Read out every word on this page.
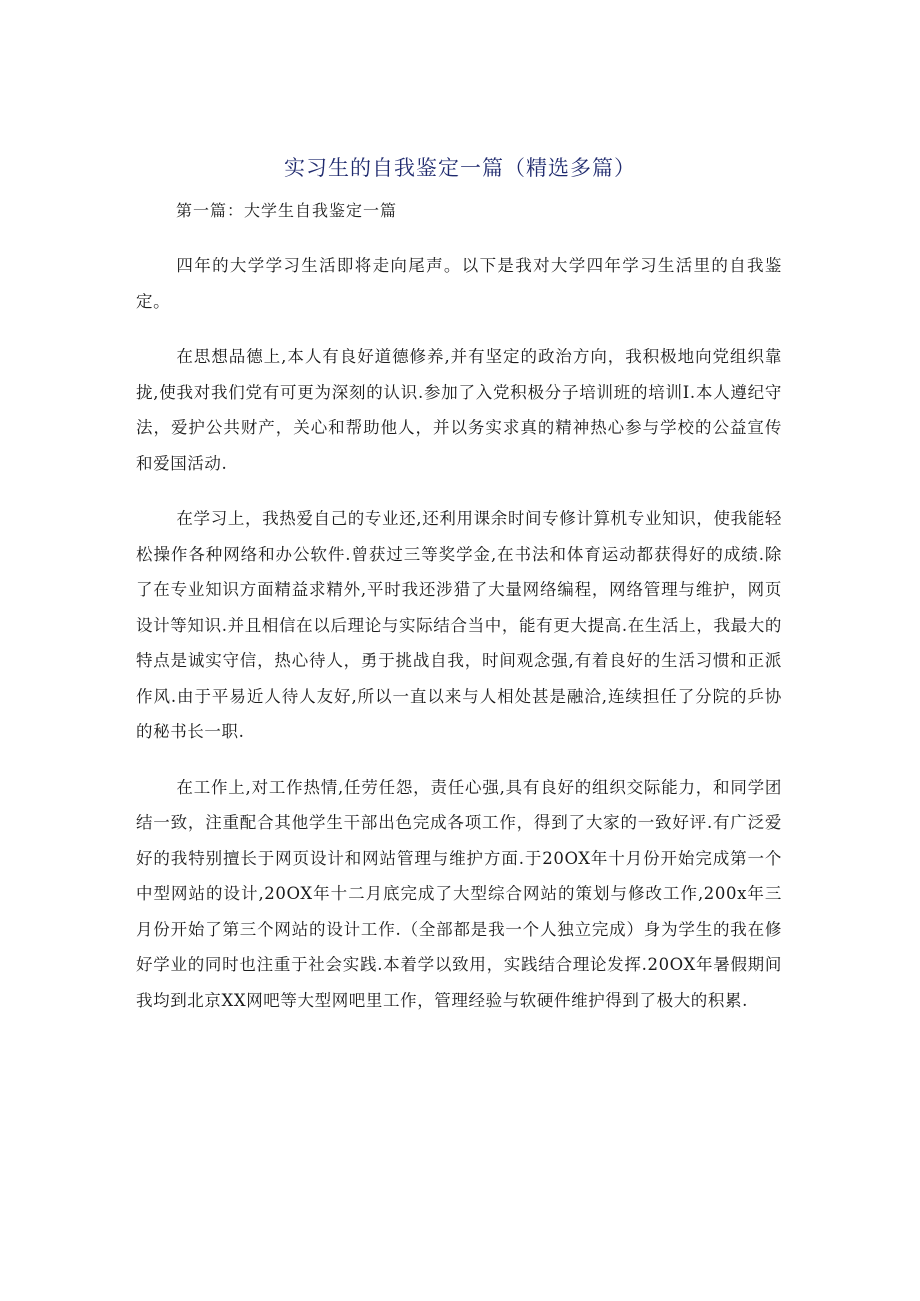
实习生的自我鉴定一篇（精选多篇）

第一篇：大学生自我鉴定一篇

四年的大学学习生活即将走向尾声。以下是我对大学四年学习生活里的自我鉴定。

在思想品德上,本人有良好道德修养,并有坚定的政治方向，我积极地向党组织靠拢,使我对我们党有可更为深刻的认识.参加了入党积极分子培训班的培训I.本人遵纪守法，爱护公共财产，关心和帮助他人，并以务实求真的精神热心参与学校的公益宣传和爱国活动.

在学习上，我热爱自己的专业还,还利用课余时间专修计算机专业知识，使我能轻松操作各种网络和办公软件.曾获过三等奖学金,在书法和体育运动都获得好的成绩.除了在专业知识方面精益求精外,平时我还涉猎了大量网络编程，网络管理与维护，网页设计等知识.并且相信在以后理论与实际结合当中，能有更大提高.在生活上，我最大的特点是诚实守信，热心待人，勇于挑战自我，时间观念强,有着良好的生活习惯和正派作风.由于平易近人待人友好,所以一直以来与人相处甚是融洽,连续担任了分院的乒协的秘书长一职.

在工作上,对工作热情,任劳任怨，责任心强,具有良好的组织交际能力，和同学团结一致，注重配合其他学生干部出色完成各项工作，得到了大家的一致好评.有广泛爱好的我特别擅长于网页设计和网站管理与维护方面.于20OX年十月份开始完成第一个中型网站的设计,20OX年十二月底完成了大型综合网站的策划与修改工作,200x年三月份开始了第三个网站的设计工作.（全部都是我一个人独立完成）身为学生的我在修好学业的同时也注重于社会实践.本着学以致用，实践结合理论发挥.20OX年暑假期间我均到北京XX网吧等大型网吧里工作，管理经验与软硬件维护得到了极大的积累.
